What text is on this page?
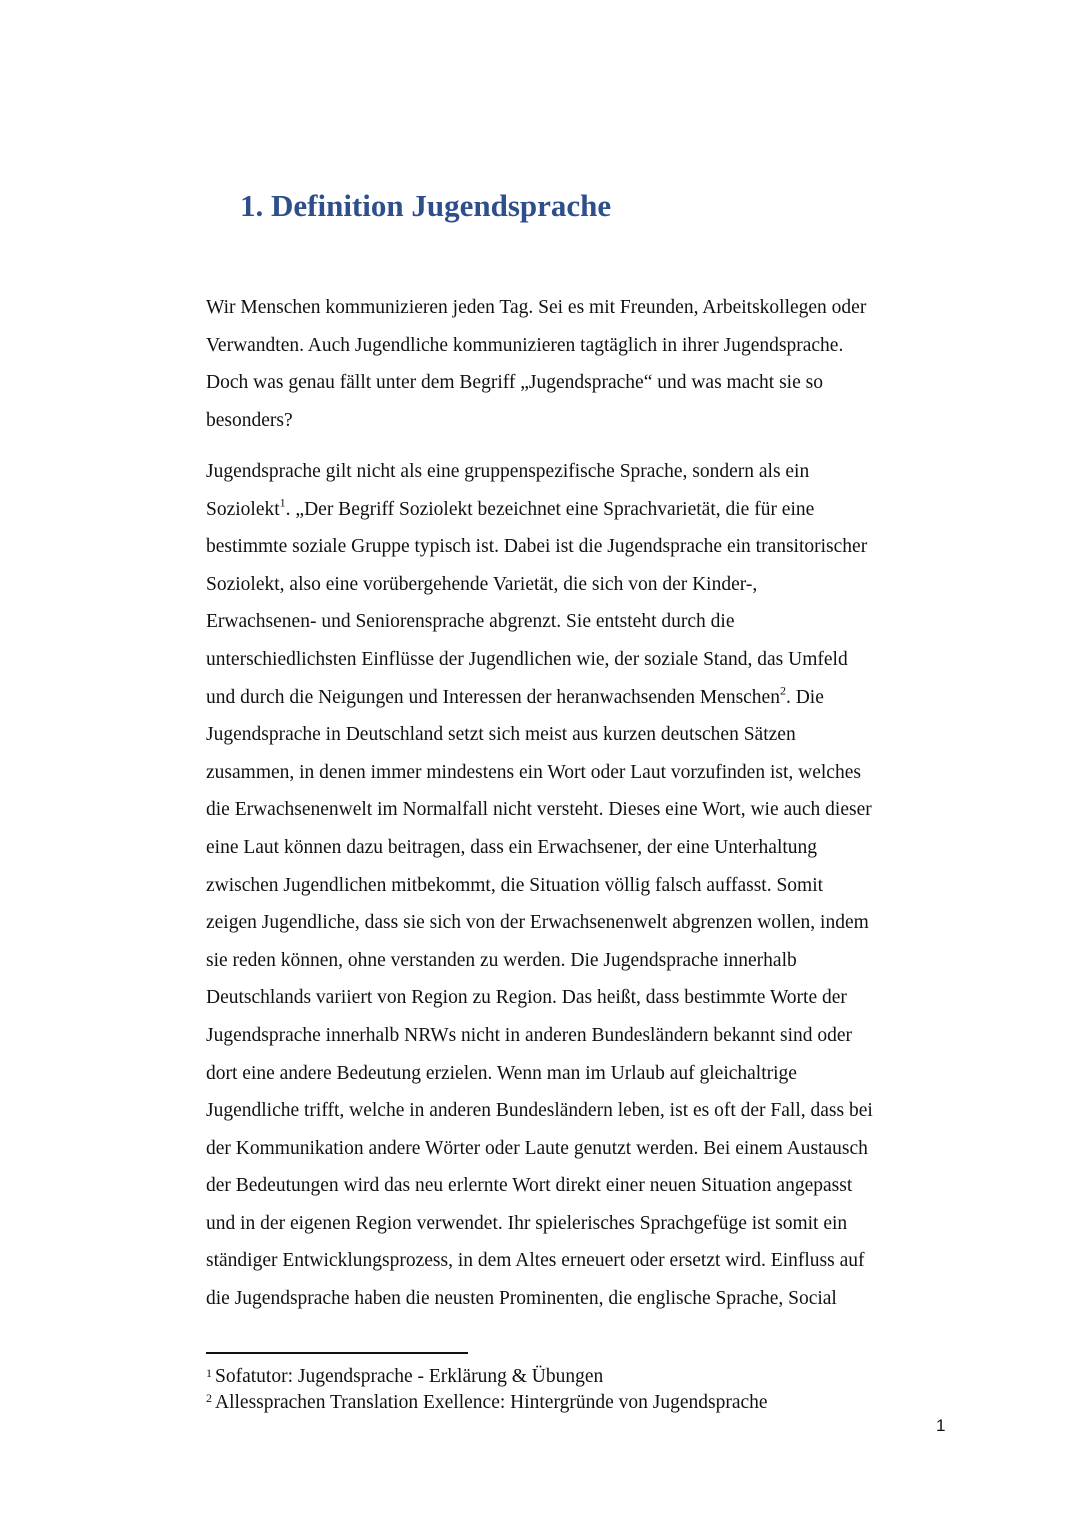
1. Definition Jugendsprache
Wir Menschen kommunizieren jeden Tag. Sei es mit Freunden, Arbeitskollegen oder
Verwandten. Auch Jugendliche kommunizieren tagtäglich in ihrer Jugendsprache.
Doch was genau fällt unter dem Begriff „Jugendsprache“ und was macht sie so
besonders?
Jugendsprache gilt nicht als eine gruppenspezifische Sprache, sondern als ein
Soziolekt$^1$. „Der Begriff Soziolekt bezeichnet eine Sprachvarietät, die für eine
bestimmte soziale Gruppe typisch ist. Dabei ist die Jugendsprache ein transitorischer
Soziolekt, also eine vorübergehende Varietät, die sich von der Kinder-,
Erwachsenen- und Seniorensprache abgrenzt. Sie entsteht durch die
unterschiedlichsten Einflüsse der Jugendlichen wie, der soziale Stand, das Umfeld
und durch die Neigungen und Interessen der heranwachsenden Menschen$^2$. Die
Jugendsprache in Deutschland setzt sich meist aus kurzen deutschen Sätzen
zusammen, in denen immer mindestens ein Wort oder Laut vorzufinden ist, welches
die Erwachsenenwelt im Normalfall nicht versteht. Dieses eine Wort, wie auch dieser
eine Laut können dazu beitragen, dass ein Erwachsener, der eine Unterhaltung
zwischen Jugendlichen mitbekommt, die Situation völlig falsch auffasst. Somit
zeigen Jugendliche, dass sie sich von der Erwachsenenwelt abgrenzen wollen, indem
sie reden können, ohne verstanden zu werden. Die Jugendsprache innerhalb
Deutschlands variiert von Region zu Region. Das heißt, dass bestimmte Worte der
Jugendsprache innerhalb NRWs nicht in anderen Bundesländern bekannt sind oder
dort eine andere Bedeutung erzielen. Wenn man im Urlaub auf gleichaltrige
Jugendliche trifft, welche in anderen Bundesländern leben, ist es oft der Fall, dass bei
der Kommunikation andere Wörter oder Laute genutzt werden. Bei einem Austausch
der Bedeutungen wird das neu erlernte Wort direkt einer neuen Situation angepasst
und in der eigenen Region verwendet. Ihr spielerisches Sprachgefüge ist somit ein
ständiger Entwicklungsprozess, in dem Altes erneuert oder ersetzt wird. Einfluss auf
die Jugendsprache haben die neusten Prominenten, die englische Sprache, Social
$^1$ Sofatutor: Jugendsprache - Erklärung & Übungen
$^2$ Allessprachen Translation Exellence: Hintergründe von Jugendsprache
1
